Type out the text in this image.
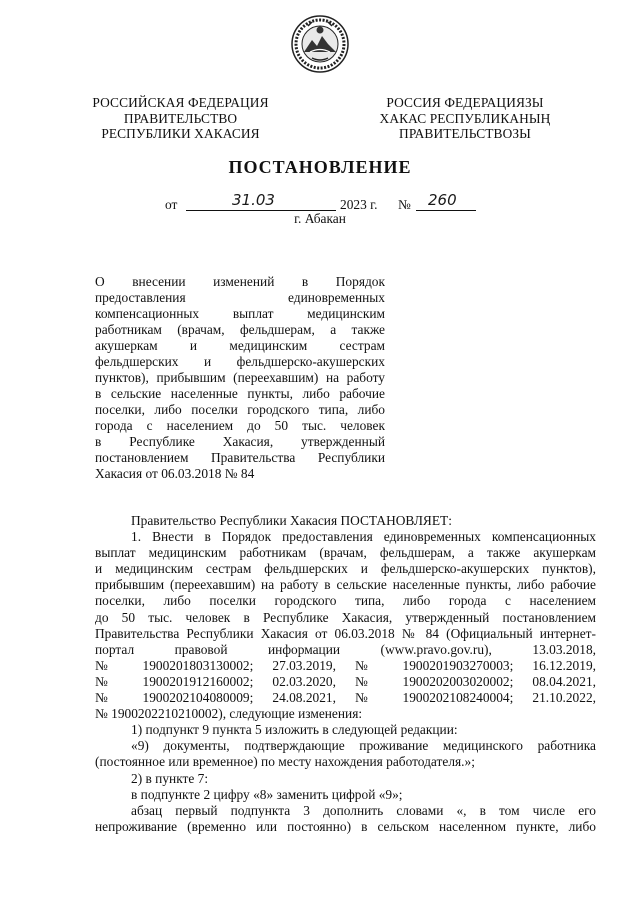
РОССИЙСКАЯ ФЕДЕРАЦИЯ
ПРАВИТЕЛЬСТВО
РЕСПУБЛИКИ ХАКАСИЯ
РОССИЯ ФЕДЕРАЦИЯЗЫ
ХАКАС РЕСПУБЛИКАНЫҢ
ПРАВИТЕЛЬСТВОЗЫ
ПОСТАНОВЛЕНИЕ
от	31.03	2023 г. № 260
г. Абакан
О внесении изменений в Порядок
предоставления единовременных
компенсационных выплат медицинским
работникам (врачам, фельдшерам, а также
акушеркам и медицинским сестрам
фельдшерских и фельдшерско-акушерских
пунктов), прибывшим (переехавшим) на работу
в сельские населенные пункты, либо рабочие
поселки, либо поселки городского типа, либо
города с населением до 50 тыс. человек
в Республике Хакасия, утвержденный
постановлением Правительства Республики
Хакасия от 06.03.2018 № 84
Правительство Республики Хакасия ПОСТАНОВЛЯЕТ:
1. Внести в Порядок предоставления единовременных компенсационных
выплат медицинским работникам (врачам, фельдшерам, а также акушеркам
и медицинским сестрам фельдшерских и фельдшерско-акушерских пунктов),
прибывшим (переехавшим) на работу в сельские населенные пункты, либо рабочие
поселки, либо поселки городского типа, либо города с населением
до 50 тыс. человек в Республике Хакасия, утвержденный постановлением
Правительства Республики Хакасия от 06.03.2018 № 84 (Официальный интернет-
портал правовой информации (www.pravo.gov.ru), 13.03.2018,
№ 1900201803130002; 27.03.2019, № 1900201903270003; 16.12.2019,
№ 1900201912160002; 02.03.2020, № 1900202003020002; 08.04.2021,
№ 1900202104080009; 24.08.2021, № 1900202108240004; 21.10.2022,
№ 1900202210210002), следующие изменения:
1) подпункт 9 пункта 5 изложить в следующей редакции:
«9) документы, подтверждающие проживание медицинского работника
(постоянное или временное) по месту нахождения работодателя.»;
2) в пункте 7:
в подпункте 2 цифру «8» заменить цифрой «9»;
абзац первый подпункта 3 дополнить словами «, в том числе его
непроживание (временно или постоянно) в сельском населенном пункте, либо
